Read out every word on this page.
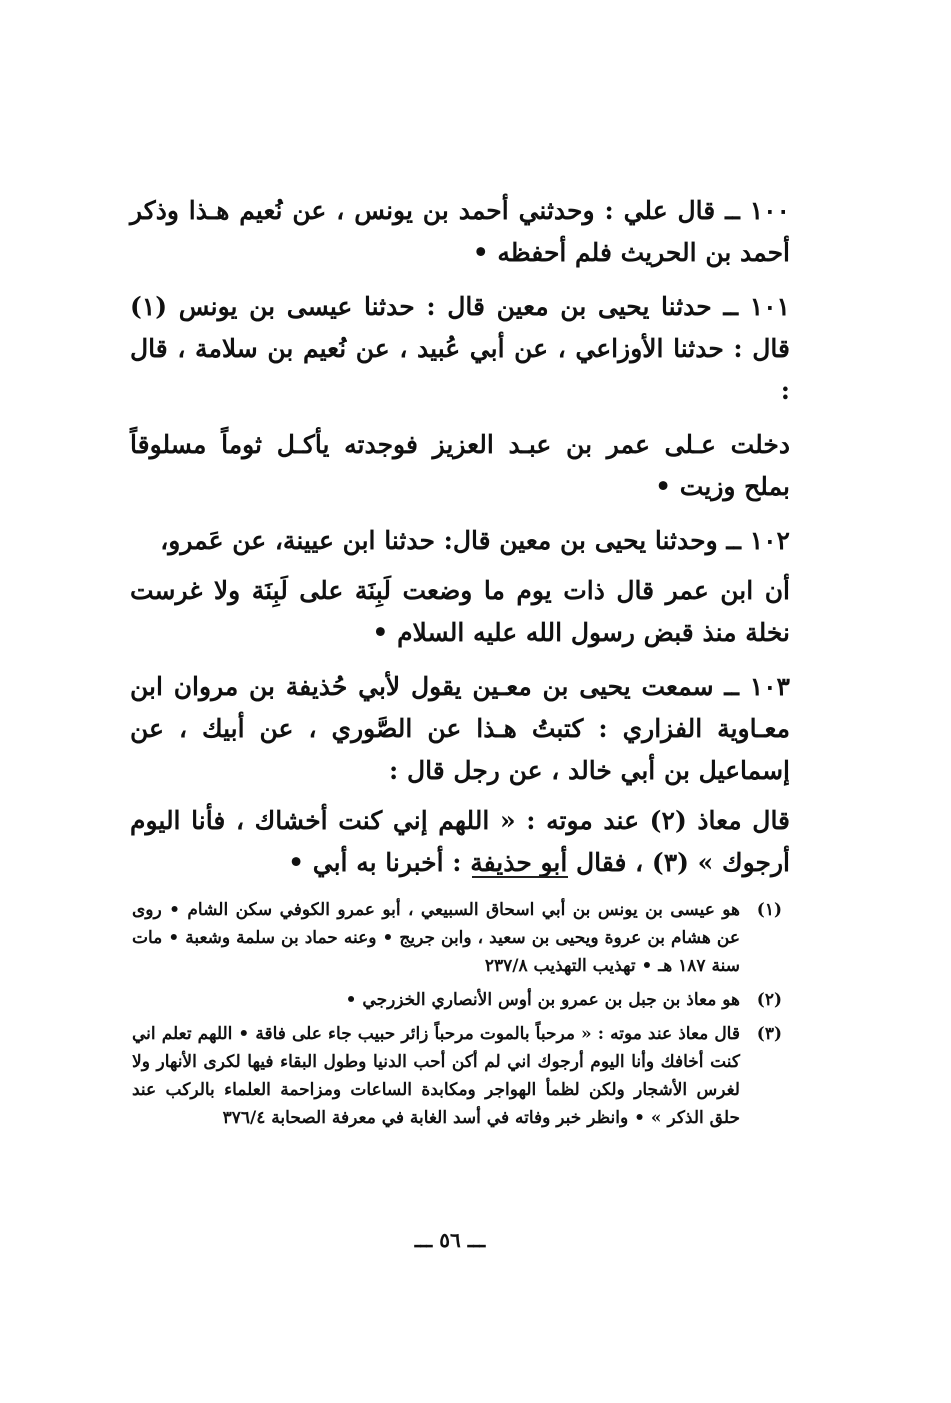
١٠٠ ــ قال علي : وحدثني أحمد بن يونس ، عن نُعيم هـذا وذكر أحمد بن الحريث فلم أحفظه •

١٠١ ــ حدثنا يحيى بن معين قال : حدثنا عيسى بن يونس (١) قال : حدثنا الأوزاعي ، عن أبي عُبيد ، عن نُعيم بن سلامة ، قال :

دخلت عـلى عمر بن عبـد العزيز فوجدته يأكـل ثوماً مسلوقاً بملح وزيت •

١٠٢ ــ وحدثنا يحيى بن معين قال: حدثنا ابن عيينة، عن عَمرو،

أن ابن عمر قال ذات يوم ما وضعت لَبِنَة على لَبِنَة ولا غرست نخلة منذ قبض رسول الله عليه السلام •

١٠٣ ــ سمعت يحيى بن معـين يقول لأبي حُذيفة بن مروان ابن معـاوية الفزاري : كتبتُ هـذا عن الصَّوري ، عن أبيك ، عن إسماعيل بن أبي خالد ، عن رجل قال :

قال معاذ (٢) عند موته : « اللهم إني كنت أخشاك ، فأنا اليوم أرجوك » (٣) ، فقال أبو حذيفة : أخبرنا به أبي •

(١)
هو عيسى بن يونس بن أبي اسحاق السبيعي ، أبو عمرو الكوفي سكن الشام • روى عن هشام بن عروة ويحيى بن سعيد ، وابن جريج • وعنه حماد بن سلمة وشعبة • مات سنة ١٨٧ هـ • تهذيب التهذيب ٢٣٧/٨
(٢)
هو معاذ بن جبل بن عمرو بن أوس الأنصاري الخزرجي •
(٣)
قال معاذ عند موته : « مرحباً بالموت مرحباً زائر حبيب جاء على فاقة • اللهم تعلم اني كنت أخافك وأنا اليوم أرجوك اني لم أكن أحب الدنيا وطول البقاء فيها لكرى الأنهار ولا لغرس الأشجار ولكن لظمأ الهواجر ومكابدة الساعات ومزاحمة العلماء بالركب عند حلق الذكر » • وانظر خبر وفاته في أسد الغابة في معرفة الصحابة ٣٧٦/٤
ـــ ٥٦ ـــ
